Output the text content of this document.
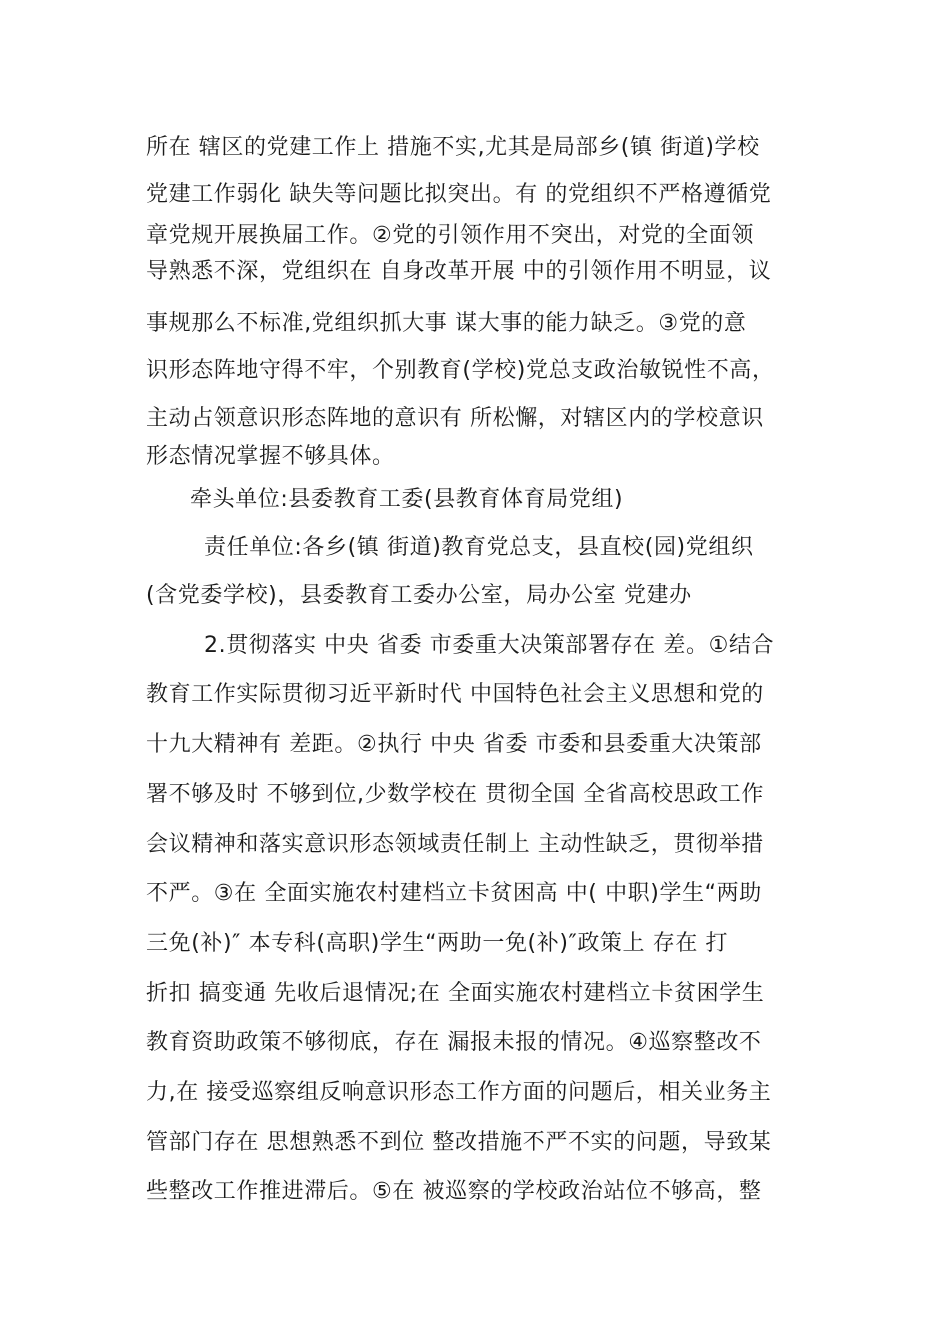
所在 辖区的党建工作上 措施不实,尤其是局部乡(镇 街道)学校
党建工作弱化 缺失等问题比拟突出。有 的党组织不严格遵循党
章党规开展换届工作。②党的引领作用不突出，对党的全面领
导熟悉不深，党组织在 自身改革开展 中的引领作用不明显，议
事规那么不标准,党组织抓大事 谋大事的能力缺乏。③党的意
识形态阵地守得不牢，个别教育(学校)党总支政治敏锐性不高，
主动占领意识形态阵地的意识有 所松懈，对辖区内的学校意识
形态情况掌握不够具体。
牵头单位:县委教育工委(县教育体育局党组)
责任单位:各乡(镇 街道)教育党总支，县直校(园)党组织
(含党委学校)，县委教育工委办公室，局办公室 党建办
2.贯彻落实 中央 省委 市委重大决策部署存在 差。①结合
教育工作实际贯彻习近平新时代 中国特色社会主义思想和党的
十九大精神有 差距。②执行 中央 省委 市委和县委重大决策部
署不够及时 不够到位,少数学校在 贯彻全国 全省高校思政工作
会议精神和落实意识形态领域责任制上 主动性缺乏，贯彻举措
不严。③在 全面实施农村建档立卡贫困高 中( 中职)学生“两助
三免(补)″ 本专科(高职)学生“两助一免(补)″政策上 存在 打
折扣 搞变通 先收后退情况;在 全面实施农村建档立卡贫困学生
教育资助政策不够彻底，存在 漏报未报的情况。④巡察整改不
力,在 接受巡察组反响意识形态工作方面的问题后，相关业务主
管部门存在 思想熟悉不到位 整改措施不严不实的问题，导致某
些整改工作推进滞后。⑤在 被巡察的学校政治站位不够高，整
